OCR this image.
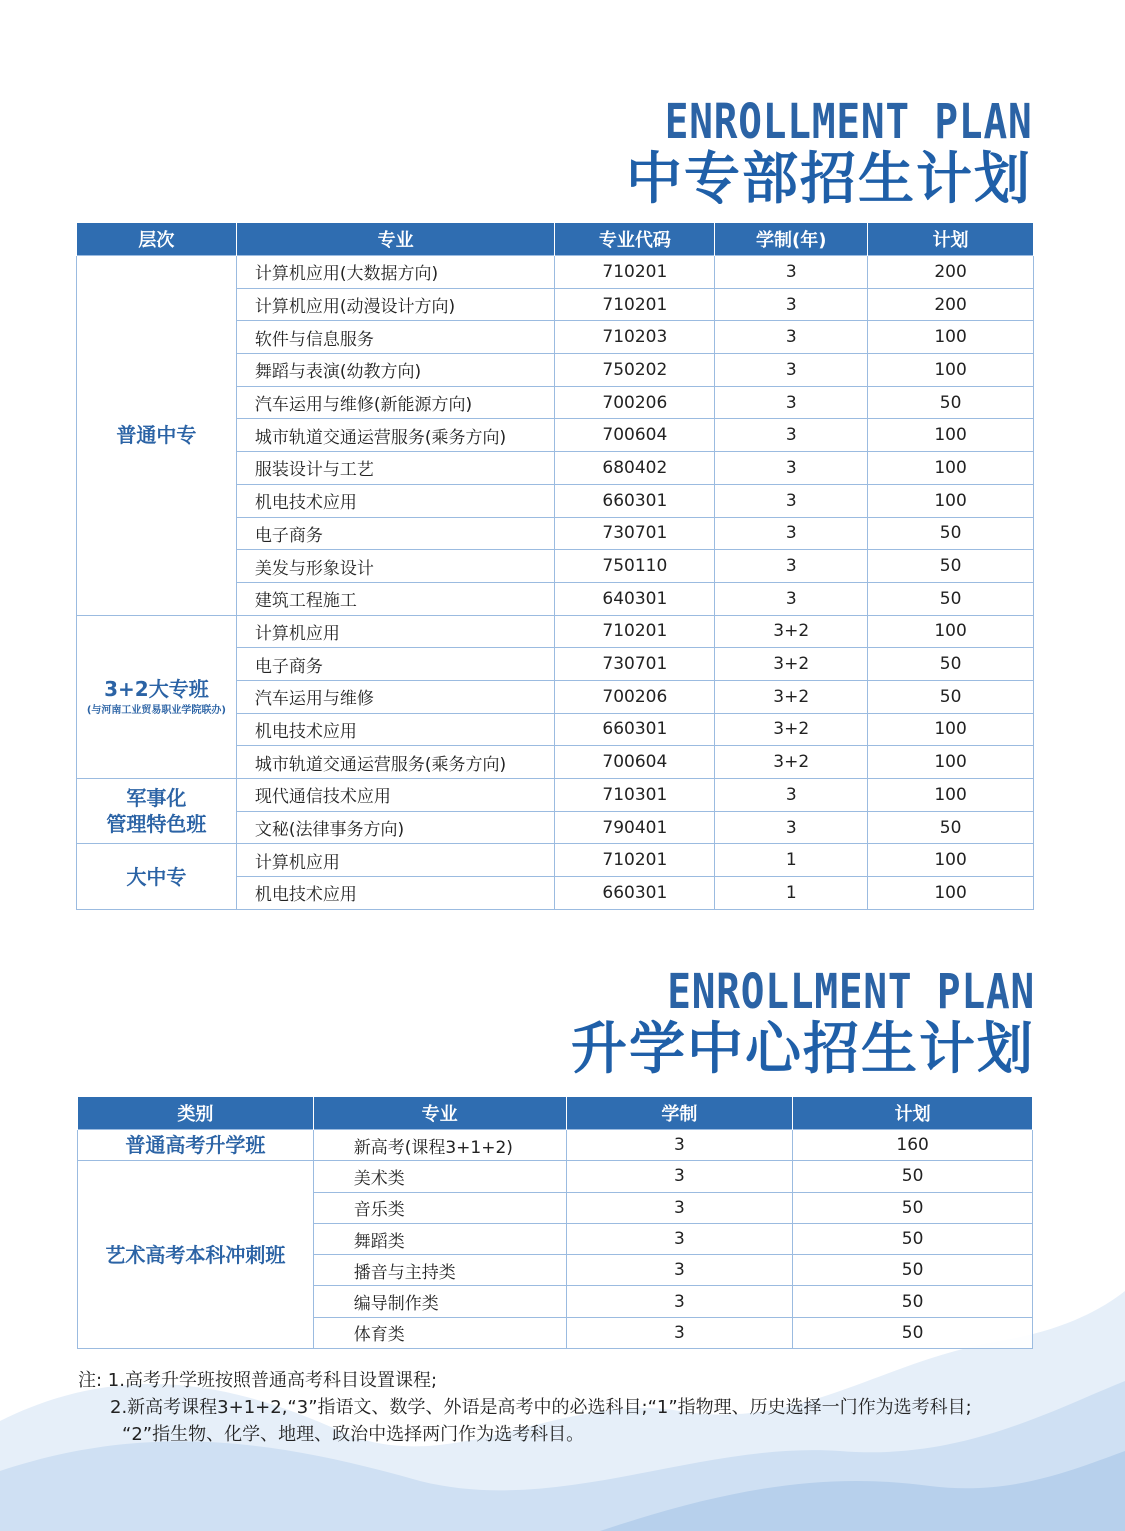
ENROLLMENT PLAN
中专部招生计划
层次	专业	专业代码	学制(年)	计划
普通中专	计算机应用(大数据方向)	710201	3	200
	计算机应用(动漫设计方向)	710201	3	200
	软件与信息服务	710203	3	100
	舞蹈与表演(幼教方向)	750202	3	100
	汽车运用与维修(新能源方向)	700206	3	50
	城市轨道交通运营服务(乘务方向)	700604	3	100
	服装设计与工艺	680402	3	100
	机电技术应用	660301	3	100
	电子商务	730701	3	50
	美发与形象设计	750110	3	50
	建筑工程施工	640301	3	50
3+2大专班

(与河南工业贸易职业学院联办)	计算机应用	710201	3+2	100
	电子商务	730701	3+2	50
	汽车运用与维修	700206	3+2	50
	机电技术应用	660301	3+2	100
	城市轨道交通运营服务(乘务方向)	700604	3+2	100
军事化
管理特色班	现代通信技术应用	710301	3	100
	文秘(法律事务方向)	790401	3	50
大中专	计算机应用	710201	1	100
	机电技术应用	660301	1	100
ENROLLMENT PLAN
升学中心招生计划
类别	专业	学制	计划
普通高考升学班	新高考(课程3+1+2)	3	160
艺术高考本科冲刺班	美术类	3	50
	音乐类	3	50
	舞蹈类	3	50
	播音与主持类	3	50
	编导制作类	3	50
	体育类	3	50
注: 1.高考升学班按照普通高考科目设置课程;
2.新高考课程3+1+2,“3”指语文、数学、外语是高考中的必选科目;“1”指物理、历史选择一门作为选考科目;
“2”指生物、化学、地理、政治中选择两门作为选考科目。
